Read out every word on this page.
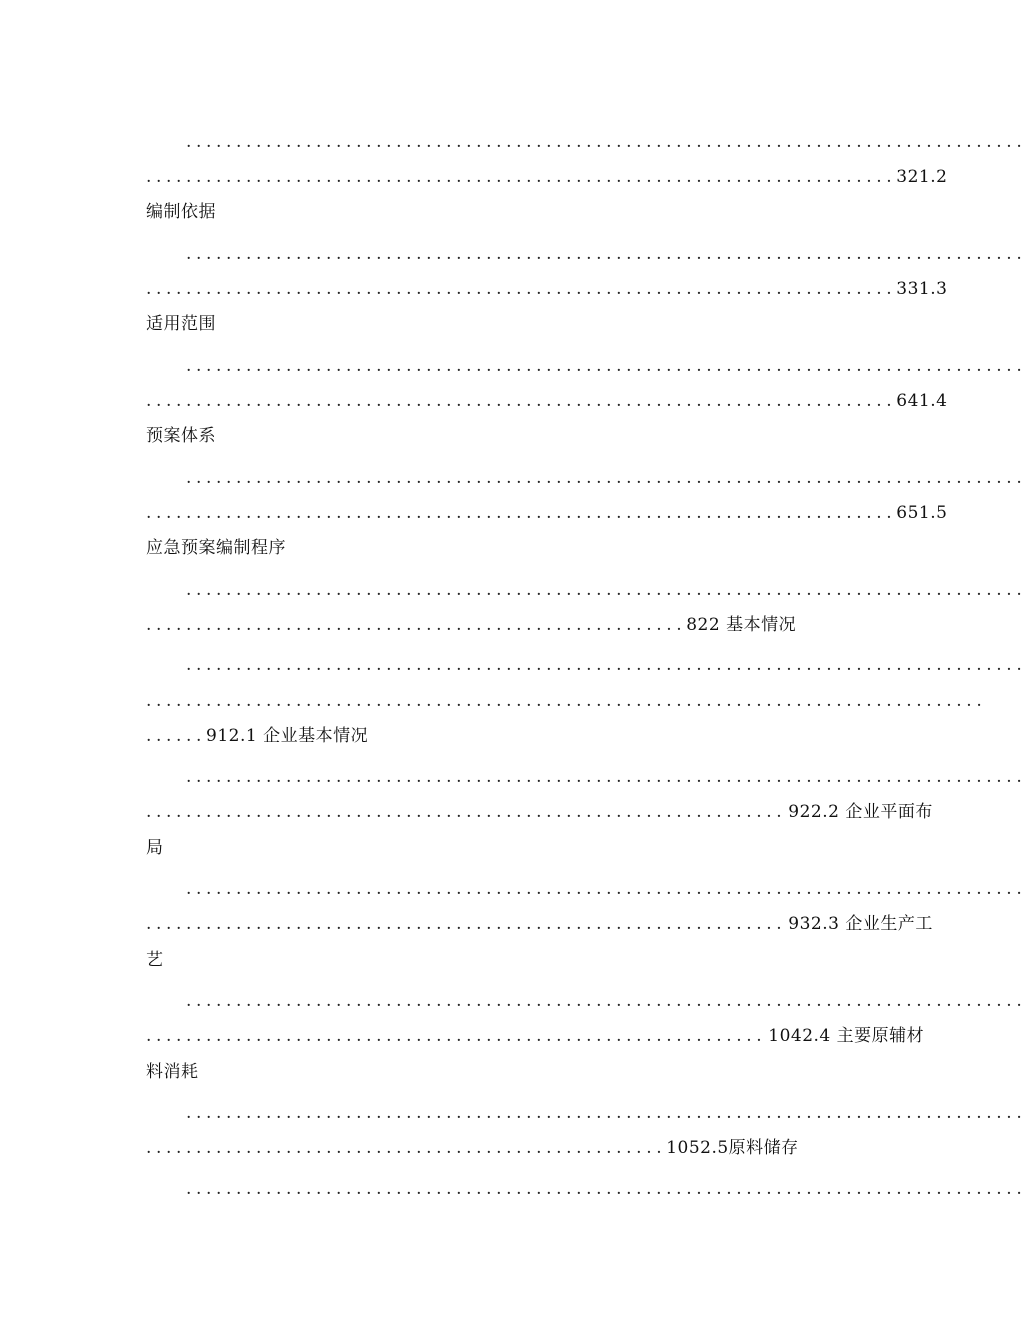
....................................................................................
...........................................................................321.2
编制依据
....................................................................................
...........................................................................331.3
适用范围
....................................................................................
...........................................................................641.4
预案体系
....................................................................................
...........................................................................651.5
应急预案编制程序
....................................................................................
......................................................822 基本情况
....................................................................................
....................................................................................
......912.1 企业基本情况
....................................................................................
................................................................ 922.2 企业平面布
局
....................................................................................
................................................................ 932.3 企业生产工
艺
....................................................................................
.............................................................. 1042.4 主要原辅材
料消耗
....................................................................................
....................................................1052.5原料储存
....................................................................................
